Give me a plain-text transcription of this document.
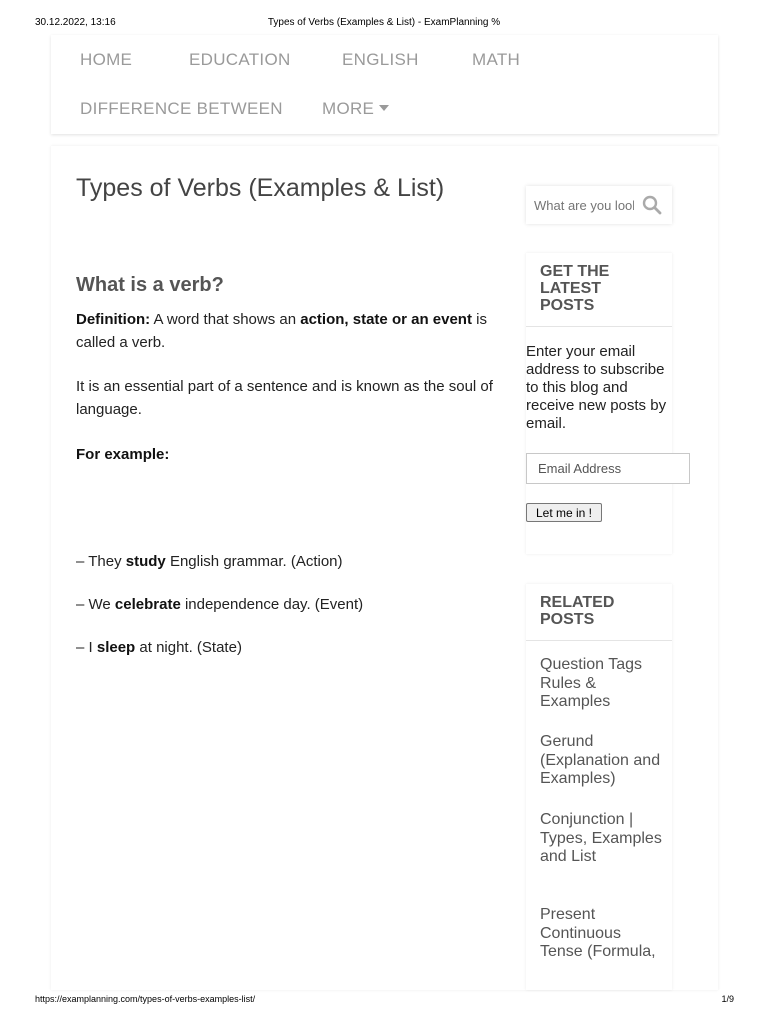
30.12.2022, 13:16	Types of Verbs (Examples & List) - ExamPlanning %
HOME	EDUCATION	ENGLISH	MATH
DIFFERENCE BETWEEN MORE
Types of Verbs (Examples & List)
What is a verb?
Definition: A word that shows an action, state or an event is called a verb.
It is an essential part of a sentence and is known as the soul of language.
For example:
– They study English grammar. (Action)
– We celebrate independence day. (Event)
– I sleep at night. (State)
What are you looking for?
GET THE LATEST POSTS
Enter your email address to subscribe to this blog and receive new posts by email.
Email Address
Let me in !
RELATED POSTS
Question Tags Rules & Examples
Gerund (Explanation and Examples)
Conjunction | Types, Examples and List
Present Continuous Tense (Formula,
https://examplanning.com/types-of-verbs-examples-list/	1/9
